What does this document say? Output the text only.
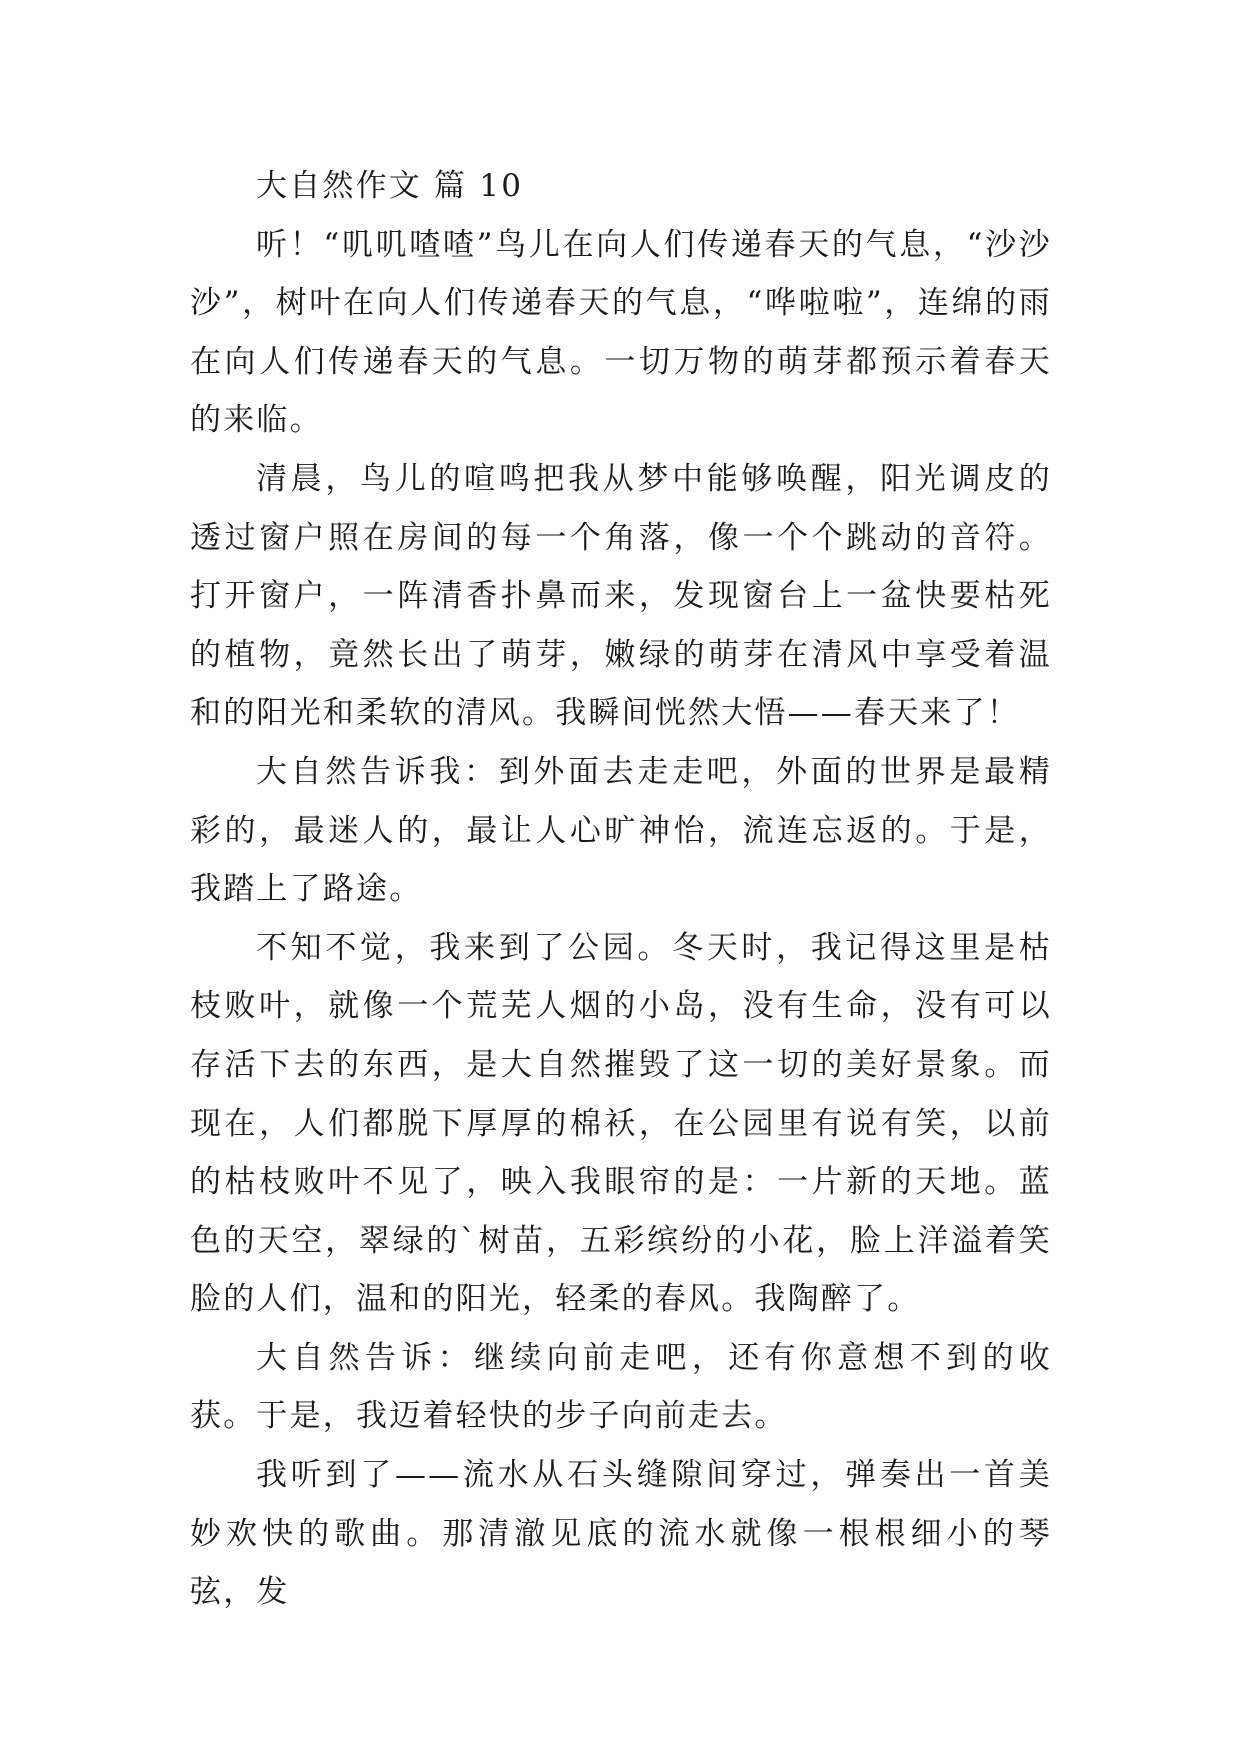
大自然作文 篇 10

听！“叽叽喳喳”鸟儿在向人们传递春天的气息，“沙沙沙”，树叶在向人们传递春天的气息，“哗啦啦”，连绵的雨在向人们传递春天的气息。一切万物的萌芽都预示着春天的来临。

清晨，鸟儿的喧鸣把我从梦中能够唤醒，阳光调皮的透过窗户照在房间的每一个角落，像一个个跳动的音符。打开窗户，一阵清香扑鼻而来，发现窗台上一盆快要枯死的植物，竟然长出了萌芽，嫩绿的萌芽在清风中享受着温和的阳光和柔软的清风。我瞬间恍然大悟——春天来了！

大自然告诉我：到外面去走走吧，外面的世界是最精彩的，最迷人的，最让人心旷神怡，流连忘返的。于是，我踏上了路途。

不知不觉，我来到了公园。冬天时，我记得这里是枯枝败叶，就像一个荒芜人烟的小岛，没有生命，没有可以存活下去的东西，是大自然摧毁了这一切的美好景象。而现在，人们都脱下厚厚的棉袄，在公园里有说有笑，以前的枯枝败叶不见了，映入我眼帘的是：一片新的天地。蓝色的天空，翠绿的`树苗，五彩缤纷的小花，脸上洋溢着笑脸的人们，温和的阳光，轻柔的春风。我陶醉了。

大自然告诉：继续向前走吧，还有你意想不到的收获。于是，我迈着轻快的步子向前走去。

我听到了——流水从石头缝隙间穿过，弹奏出一首美妙欢快的歌曲。那清澈见底的流水就像一根根细小的琴弦，发
